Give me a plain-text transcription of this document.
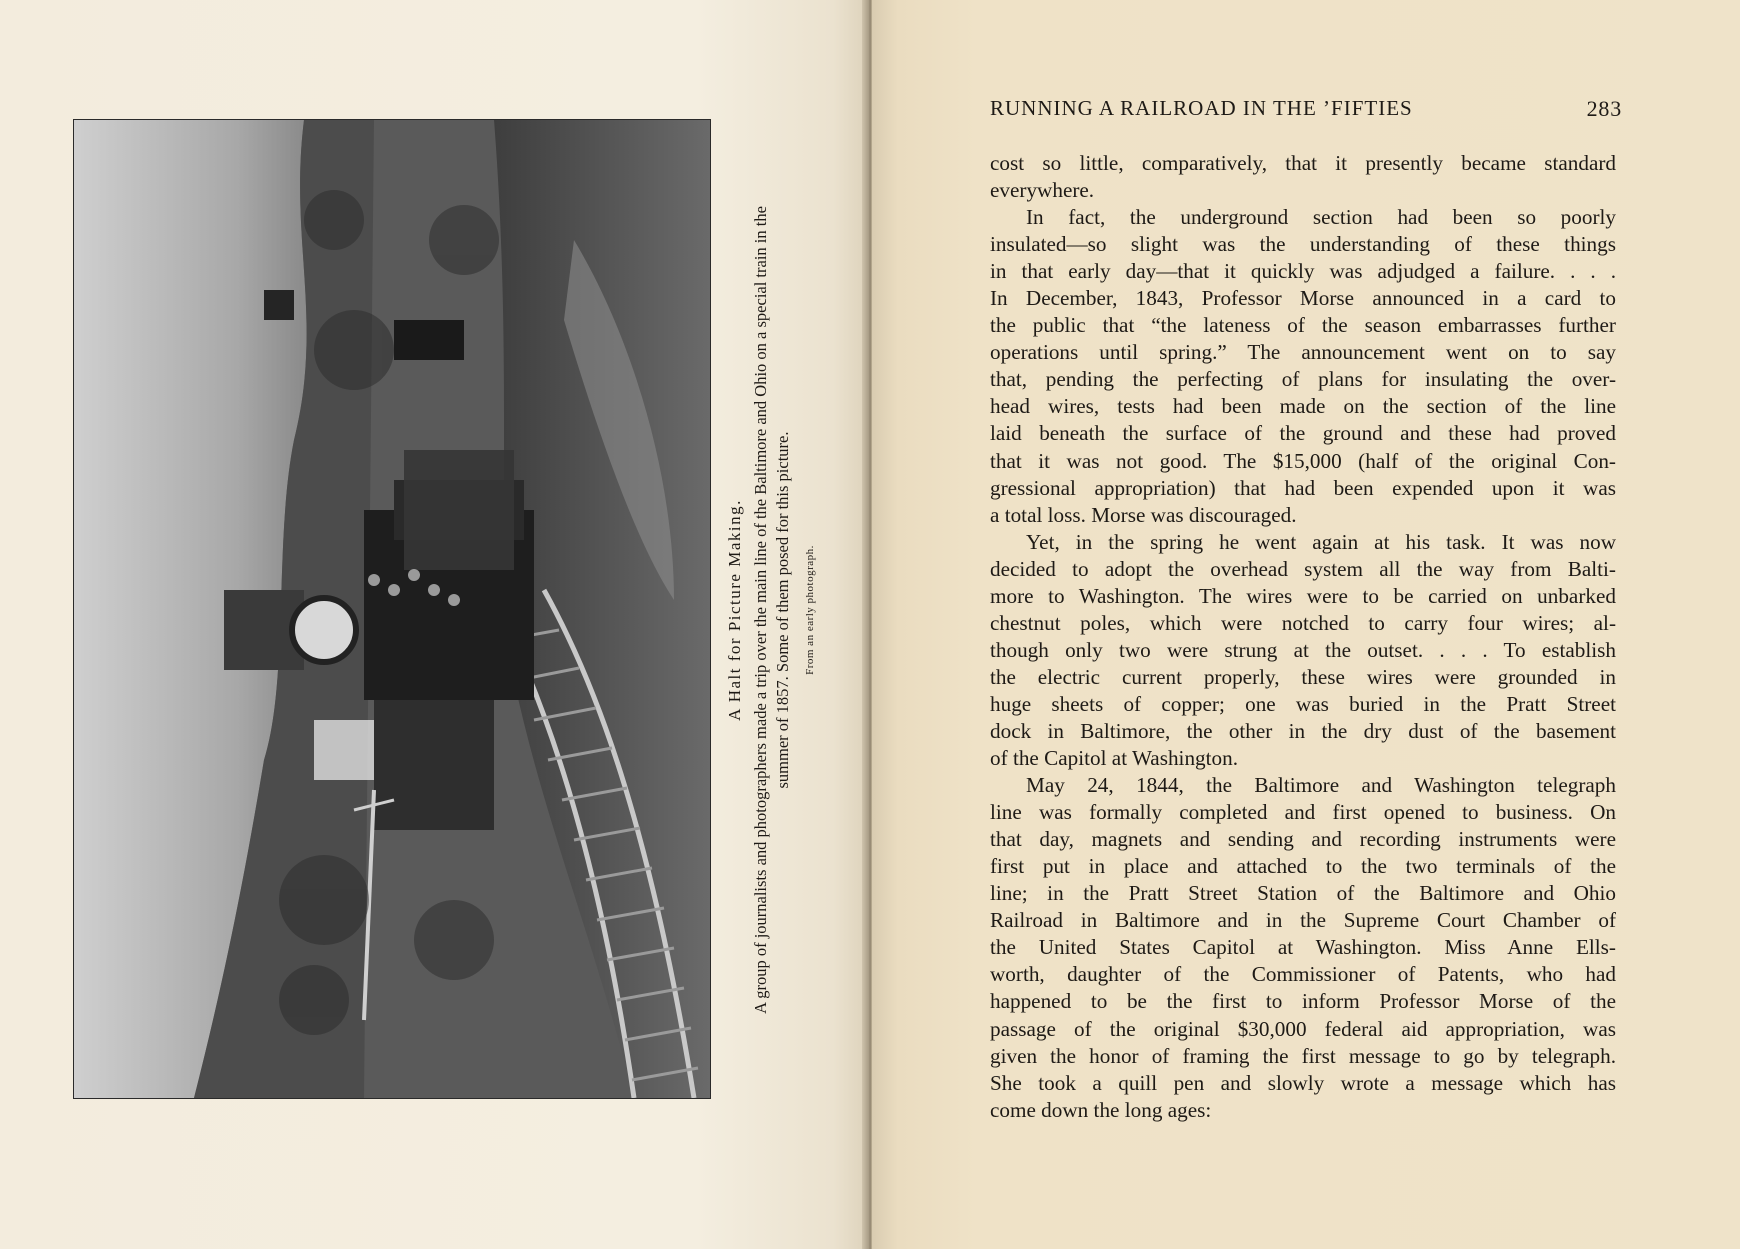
A Halt for Picture Making. A group of journalists and photographers made a trip over the main line of the Baltimore and Ohio on a special train in the summer of 1857. Some of them posed for this picture. From an early photograph.
RUNNING A RAILROAD IN THE ’FIFTIES	283
cost so little, comparatively, that it presently became standard
everywhere.
In fact, the underground section had been so poorly
insulated—so slight was the understanding of these things
in that early day—that it quickly was adjudged a failure. . . .
In December, 1843, Professor Morse announced in a card to
the public that “the lateness of the season embarrasses further
operations until spring.” The announcement went on to say
that, pending the perfecting of plans for insulating the over-
head wires, tests had been made on the section of the line
laid beneath the surface of the ground and these had proved
that it was not good. The $15,000 (half of the original Con-
gressional appropriation) that had been expended upon it was
a total loss. Morse was discouraged.
Yet, in the spring he went again at his task. It was now
decided to adopt the overhead system all the way from Balti-
more to Washington. The wires were to be carried on unbarked
chestnut poles, which were notched to carry four wires; al-
though only two were strung at the outset. . . . To establish
the electric current properly, these wires were grounded in
huge sheets of copper; one was buried in the Pratt Street
dock in Baltimore, the other in the dry dust of the basement
of the Capitol at Washington.
May 24, 1844, the Baltimore and Washington telegraph
line was formally completed and first opened to business. On
that day, magnets and sending and recording instruments were
first put in place and attached to the two terminals of the
line; in the Pratt Street Station of the Baltimore and Ohio
Railroad in Baltimore and in the Supreme Court Chamber of
the United States Capitol at Washington. Miss Anne Ells-
worth, daughter of the Commissioner of Patents, who had
happened to be the first to inform Professor Morse of the
passage of the original $30,000 federal aid appropriation, was
given the honor of framing the first message to go by telegraph.
She took a quill pen and slowly wrote a message which has
come down the long ages:
